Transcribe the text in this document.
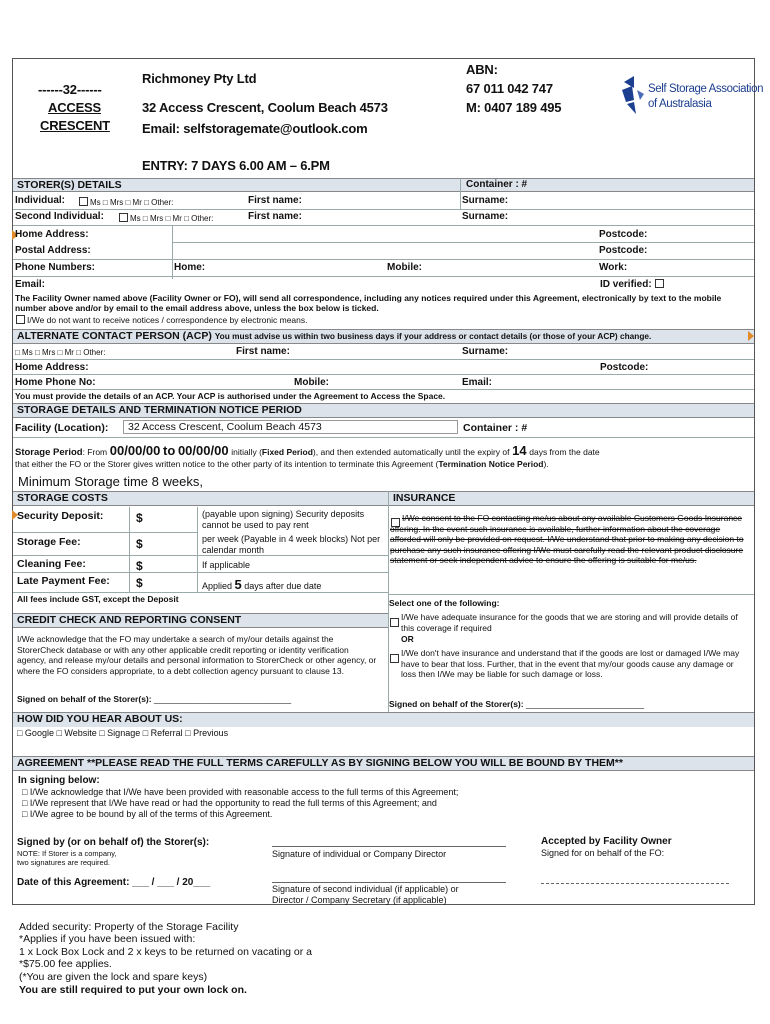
------32------
ACCESS
CRESCENT
Richmoney Pty Ltd
32 Access Crescent, Coolum Beach 4573
Email: selfstoragemate@outlook.com
ENTRY: 7 DAYS 6.00 AM – 6.PM
ABN:
67 011 042 747
M: 0407 189 495
Self Storage Association
of Australasia
STORER(S) DETAILS	Container : #
Individual:	Ms □ Mrs □ Mr □ Other:	First name:	Surname:
Second Individual:	Ms □ Mrs □ Mr □ Other:	First name:	Surname:
Home Address:	Postcode:
Postal Address:	Postcode:
Phone Numbers:	Home:	Mobile:	Work:
Email:	ID verified:
The Facility Owner named above (Facility Owner or FO), will send all correspondence, including any notices required under this Agreement, electronically by text to the mobile number above and/or by email to the email address above, unless the box below is ticked.
I/We do not want to receive notices / correspondence by electronic means.
ALTERNATE CONTACT PERSON (ACP) You must advise us within two business days if your address or contact details (or those of your ACP) change.
□ Ms □ Mrs □ Mr □ Other:	First name:	Surname:
Home Address:	Postcode:
Home Phone No:	Mobile:	Email:
You must provide the details of an ACP. Your ACP is authorised under the Agreement to Access the Space.
STORAGE DETAILS AND TERMINATION NOTICE PERIOD
Facility (Location):	32 Access Crescent, Coolum Beach 4573	Container : #
Storage Period: From 00/00/00 to 00/00/00 initially (Fixed Period), and then extended automatically until the expiry of 14 days from the date
that either the FO or the Storer gives written notice to the other party of its intention to terminate this Agreement (Termination Notice Period).
Minimum Storage time 8 weeks,
STORAGE COSTS	INSURANCE
Security Deposit:	$	(payable upon signing) Security deposits cannot be used to pay rent
Storage Fee:	$	per week (Payable in 4 week blocks) Not per calendar month
Cleaning Fee:	$	If applicable
Late Payment Fee: $	Applied 5 days after due date
All fees include GST, except the Deposit
I/We consent to the FO contacting me/us about any available Customers Goods Insurance offering. In the event such insurance is available, further information about the coverage afforded will only be provided on request. I/We understand that prior to making any decision to purchase any such insurance offering I/We must carefully read the relevant product disclosure statement or seek independent advice to ensure the offering is suitable for me/us.
Select one of the following:
I/We have adequate insurance for the goods that we are storing and will provide details of this coverage if required
OR
I/We don't have insurance and understand that if the goods are lost or damaged I/We may have to bear that loss. Further, that in the event that my/our goods cause any damage or loss then I/We may be liable for such damage or loss.
Signed on behalf of the Storer(s): _________________________
CREDIT CHECK AND REPORTING CONSENT
I/We acknowledge that the FO may undertake a search of my/our details against the StorerCheck database or with any other applicable credit reporting or identity verification agency, and release my/our details and personal information to StorerCheck or other agency, or where the FO considers appropriate, to a debt collection agency pursuant to clause 13.
Signed on behalf of the Storer(s): _____________________________
HOW DID YOU HEAR ABOUT US:
□ Google □ Website □ Signage □ Referral □ Previous
AGREEMENT **PLEASE READ THE FULL TERMS CAREFULLY AS BY SIGNING BELOW YOU WILL BE BOUND BY THEM**
In signing below:
□ I/We acknowledge that I/We have been provided with reasonable access to the full terms of this Agreement;
□ I/We represent that I/We have read or had the opportunity to read the full terms of this Agreement; and
□ I/We agree to be bound by all of the terms of this Agreement.
Signed by (or on behalf of) the Storer(s):
NOTE: If Storer is a company,
two signatures are required.
Signature of individual or Company Director
Date of this Agreement: ___ / ___ / 20___
Signature of second individual (if applicable) or
Director / Company Secretary (if applicable)
Accepted by Facility Owner
Signed for on behalf of the FO:
Added security: Property of the Storage Facility
*Applies if you have been issued with:
1 x Lock Box Lock and 2 x keys to be returned on vacating or a
*$75.00 fee applies.
(*You are given the lock and spare keys)
You are still required to put your own lock on.
